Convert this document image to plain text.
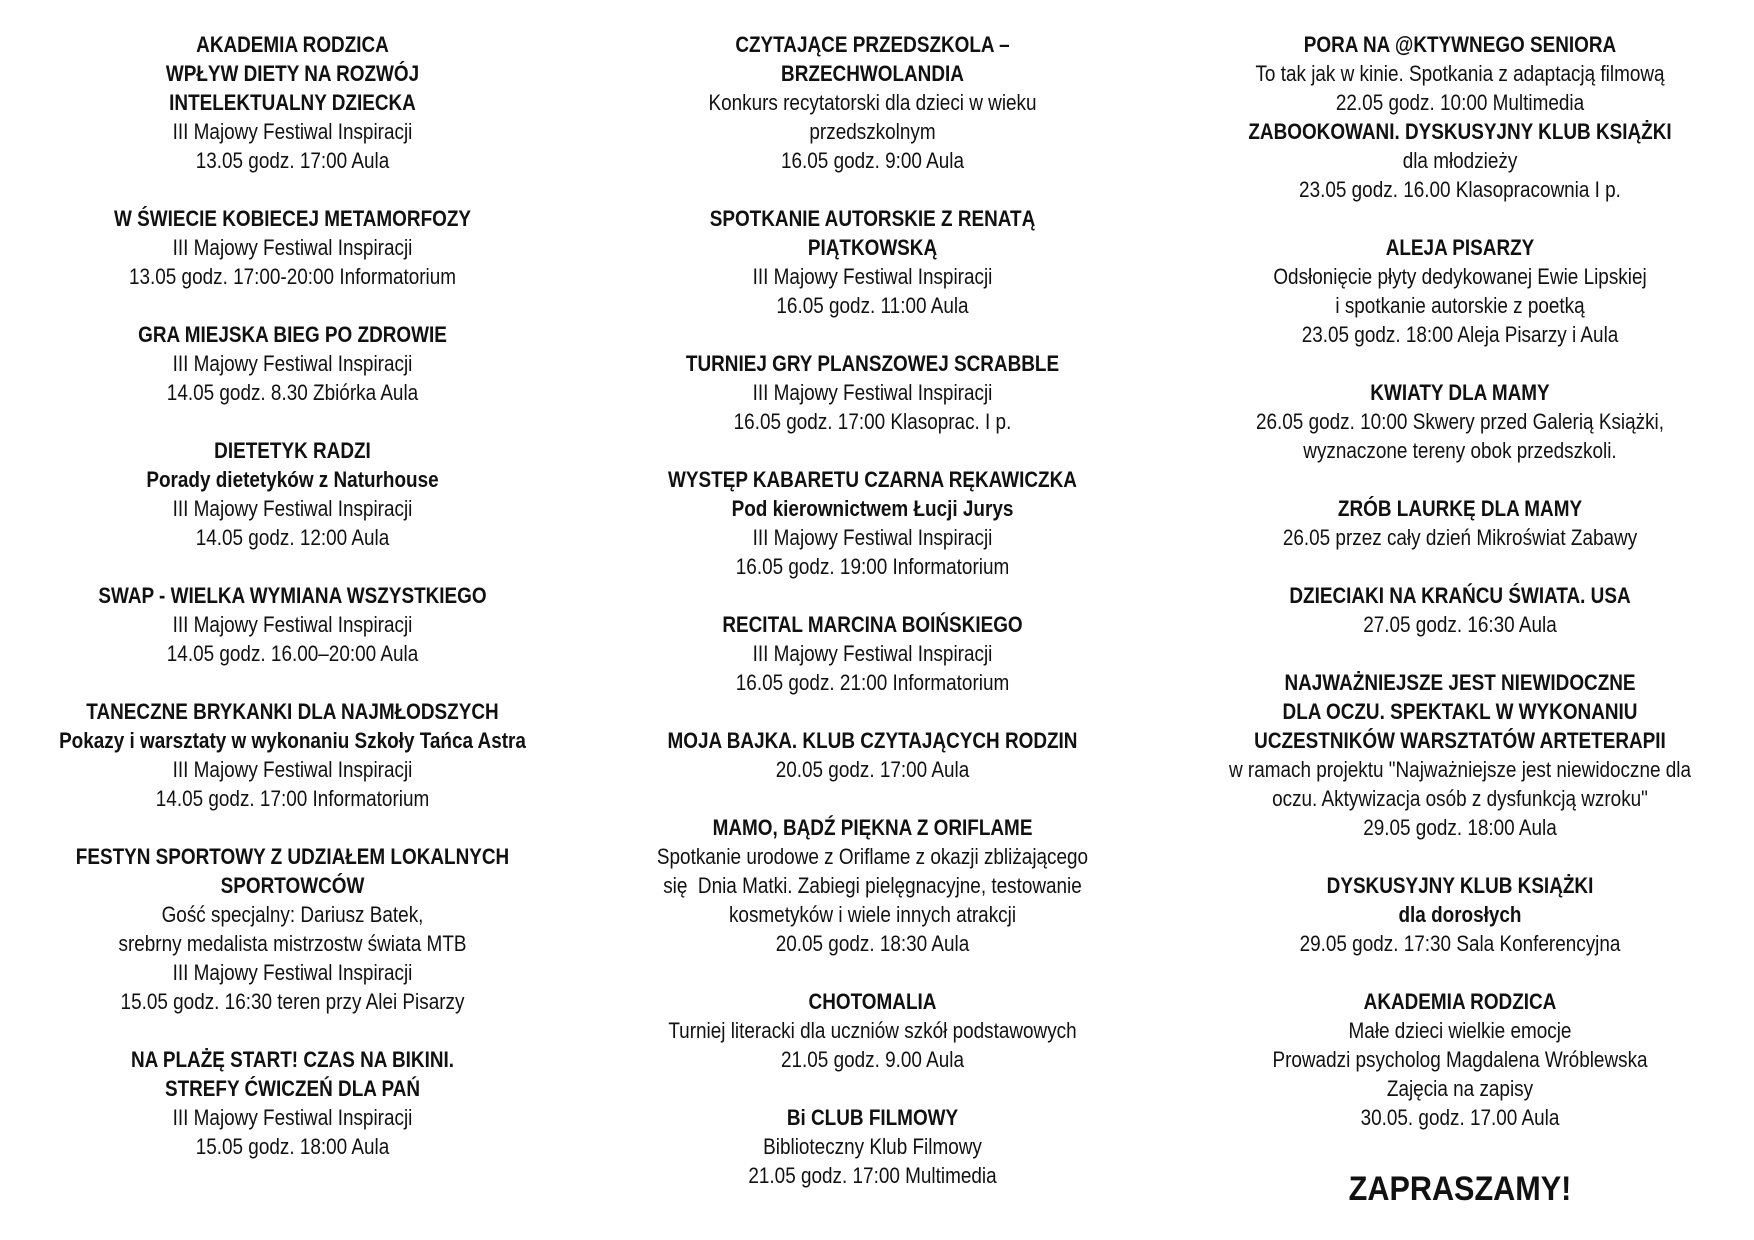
AKADEMIA RODZICA
WPŁYW DIETY NA ROZWÓJ
INTELEKTUALNY DZIECKA
III Majowy Festiwal Inspiracji
13.05 godz. 17:00 Aula
W ŚWIECIE KOBIECEJ METAMORFOZY
III Majowy Festiwal Inspiracji
13.05 godz. 17:00-20:00 Informatorium
GRA MIEJSKA BIEG PO ZDROWIE
III Majowy Festiwal Inspiracji
14.05 godz. 8.30 Zbiórka Aula
DIETETYK RADZI
Porady dietetyków z Naturhouse
III Majowy Festiwal Inspiracji
14.05 godz. 12:00 Aula
SWAP - WIELKA WYMIANA WSZYSTKIEGO
III Majowy Festiwal Inspiracji
14.05 godz. 16.00–20:00 Aula
TANECZNE BRYKANKI DLA NAJMŁODSZYCH
Pokazy i warsztaty w wykonaniu Szkoły Tańca Astra
III Majowy Festiwal Inspiracji
14.05 godz. 17:00 Informatorium
FESTYN SPORTOWY Z UDZIAŁEM LOKALNYCH
SPORTOWCÓW
Gość specjalny: Dariusz Batek,
srebrny medalista mistrzostw świata MTB
III Majowy Festiwal Inspiracji
15.05 godz. 16:30 teren przy Alei Pisarzy
NA PLAŻĘ START! CZAS NA BIKINI.
STREFY ĆWICZEŃ DLA PAŃ
III Majowy Festiwal Inspiracji
15.05 godz. 18:00 Aula
CZYTAJĄCE PRZEDSZKOLA –
BRZECHWOLANDIA
Konkurs recytatorski dla dzieci w wieku
przedszkolnym
16.05 godz. 9:00 Aula
SPOTKANIE AUTORSKIE Z RENATĄ
PIĄTKOWSKĄ
III Majowy Festiwal Inspiracji
16.05 godz. 11:00 Aula
TURNIEJ GRY PLANSZOWEJ SCRABBLE
III Majowy Festiwal Inspiracji
16.05 godz. 17:00 Klasoprac. I p.
WYSTĘP KABARETU CZARNA RĘKAWICZKA
Pod kierownictwem Łucji Jurys
III Majowy Festiwal Inspiracji
16.05 godz. 19:00 Informatorium
RECITAL MARCINA BOIŃSKIEGO
III Majowy Festiwal Inspiracji
16.05 godz. 21:00 Informatorium
MOJA BAJKA. KLUB CZYTAJĄCYCH RODZIN
20.05 godz. 17:00 Aula
MAMO, BĄDŹ PIĘKNA Z ORIFLAME
Spotkanie urodowe z Oriflame z okazji zbliżającego
się  Dnia Matki. Zabiegi pielęgnacyjne, testowanie
kosmetyków i wiele innych atrakcji
20.05 godz. 18:30 Aula
CHOTOMALIA
Turniej literacki dla uczniów szkół podstawowych
21.05 godz. 9.00 Aula
Bi CLUB FILMOWY
Biblioteczny Klub Filmowy
21.05 godz. 17:00 Multimedia
PORA NA @KTYWNEGO SENIORA
To tak jak w kinie. Spotkania z adaptacją filmową
22.05 godz. 10:00 Multimedia
ZABOOKOWANI. DYSKUSYJNY KLUB KSIĄŻKI
dla młodzieży
23.05 godz. 16.00 Klasopracownia I p.
ALEJA PISARZY
Odsłonięcie płyty dedykowanej Ewie Lipskiej
i spotkanie autorskie z poetką
23.05 godz. 18:00 Aleja Pisarzy i Aula
KWIATY DLA MAMY
26.05 godz. 10:00 Skwery przed Galerią Książki,
wyznaczone tereny obok przedszkoli.
ZRÓB LAURKĘ DLA MAMY
26.05 przez cały dzień Mikroświat Zabawy
DZIECIAKI NA KRAŃCU ŚWIATA. USA
27.05 godz. 16:30 Aula
NAJWAŻNIEJSZE JEST NIEWIDOCZNE
DLA OCZU. SPEKTAKL W WYKONANIU
UCZESTNIKÓW WARSZTATÓW ARTETERAPII
w ramach projektu "Najważniejsze jest niewidoczne dla
oczu. Aktywizacja osób z dysfunkcją wzroku"
29.05 godz. 18:00 Aula
DYSKUSYJNY KLUB KSIĄŻKI
dla dorosłych
29.05 godz. 17:30 Sala Konferencyjna
AKADEMIA RODZICA
Małe dzieci wielkie emocje
Prowadzi psycholog Magdalena Wróblewska
Zajęcia na zapisy
30.05. godz. 17.00 Aula
ZAPRASZAMY!
